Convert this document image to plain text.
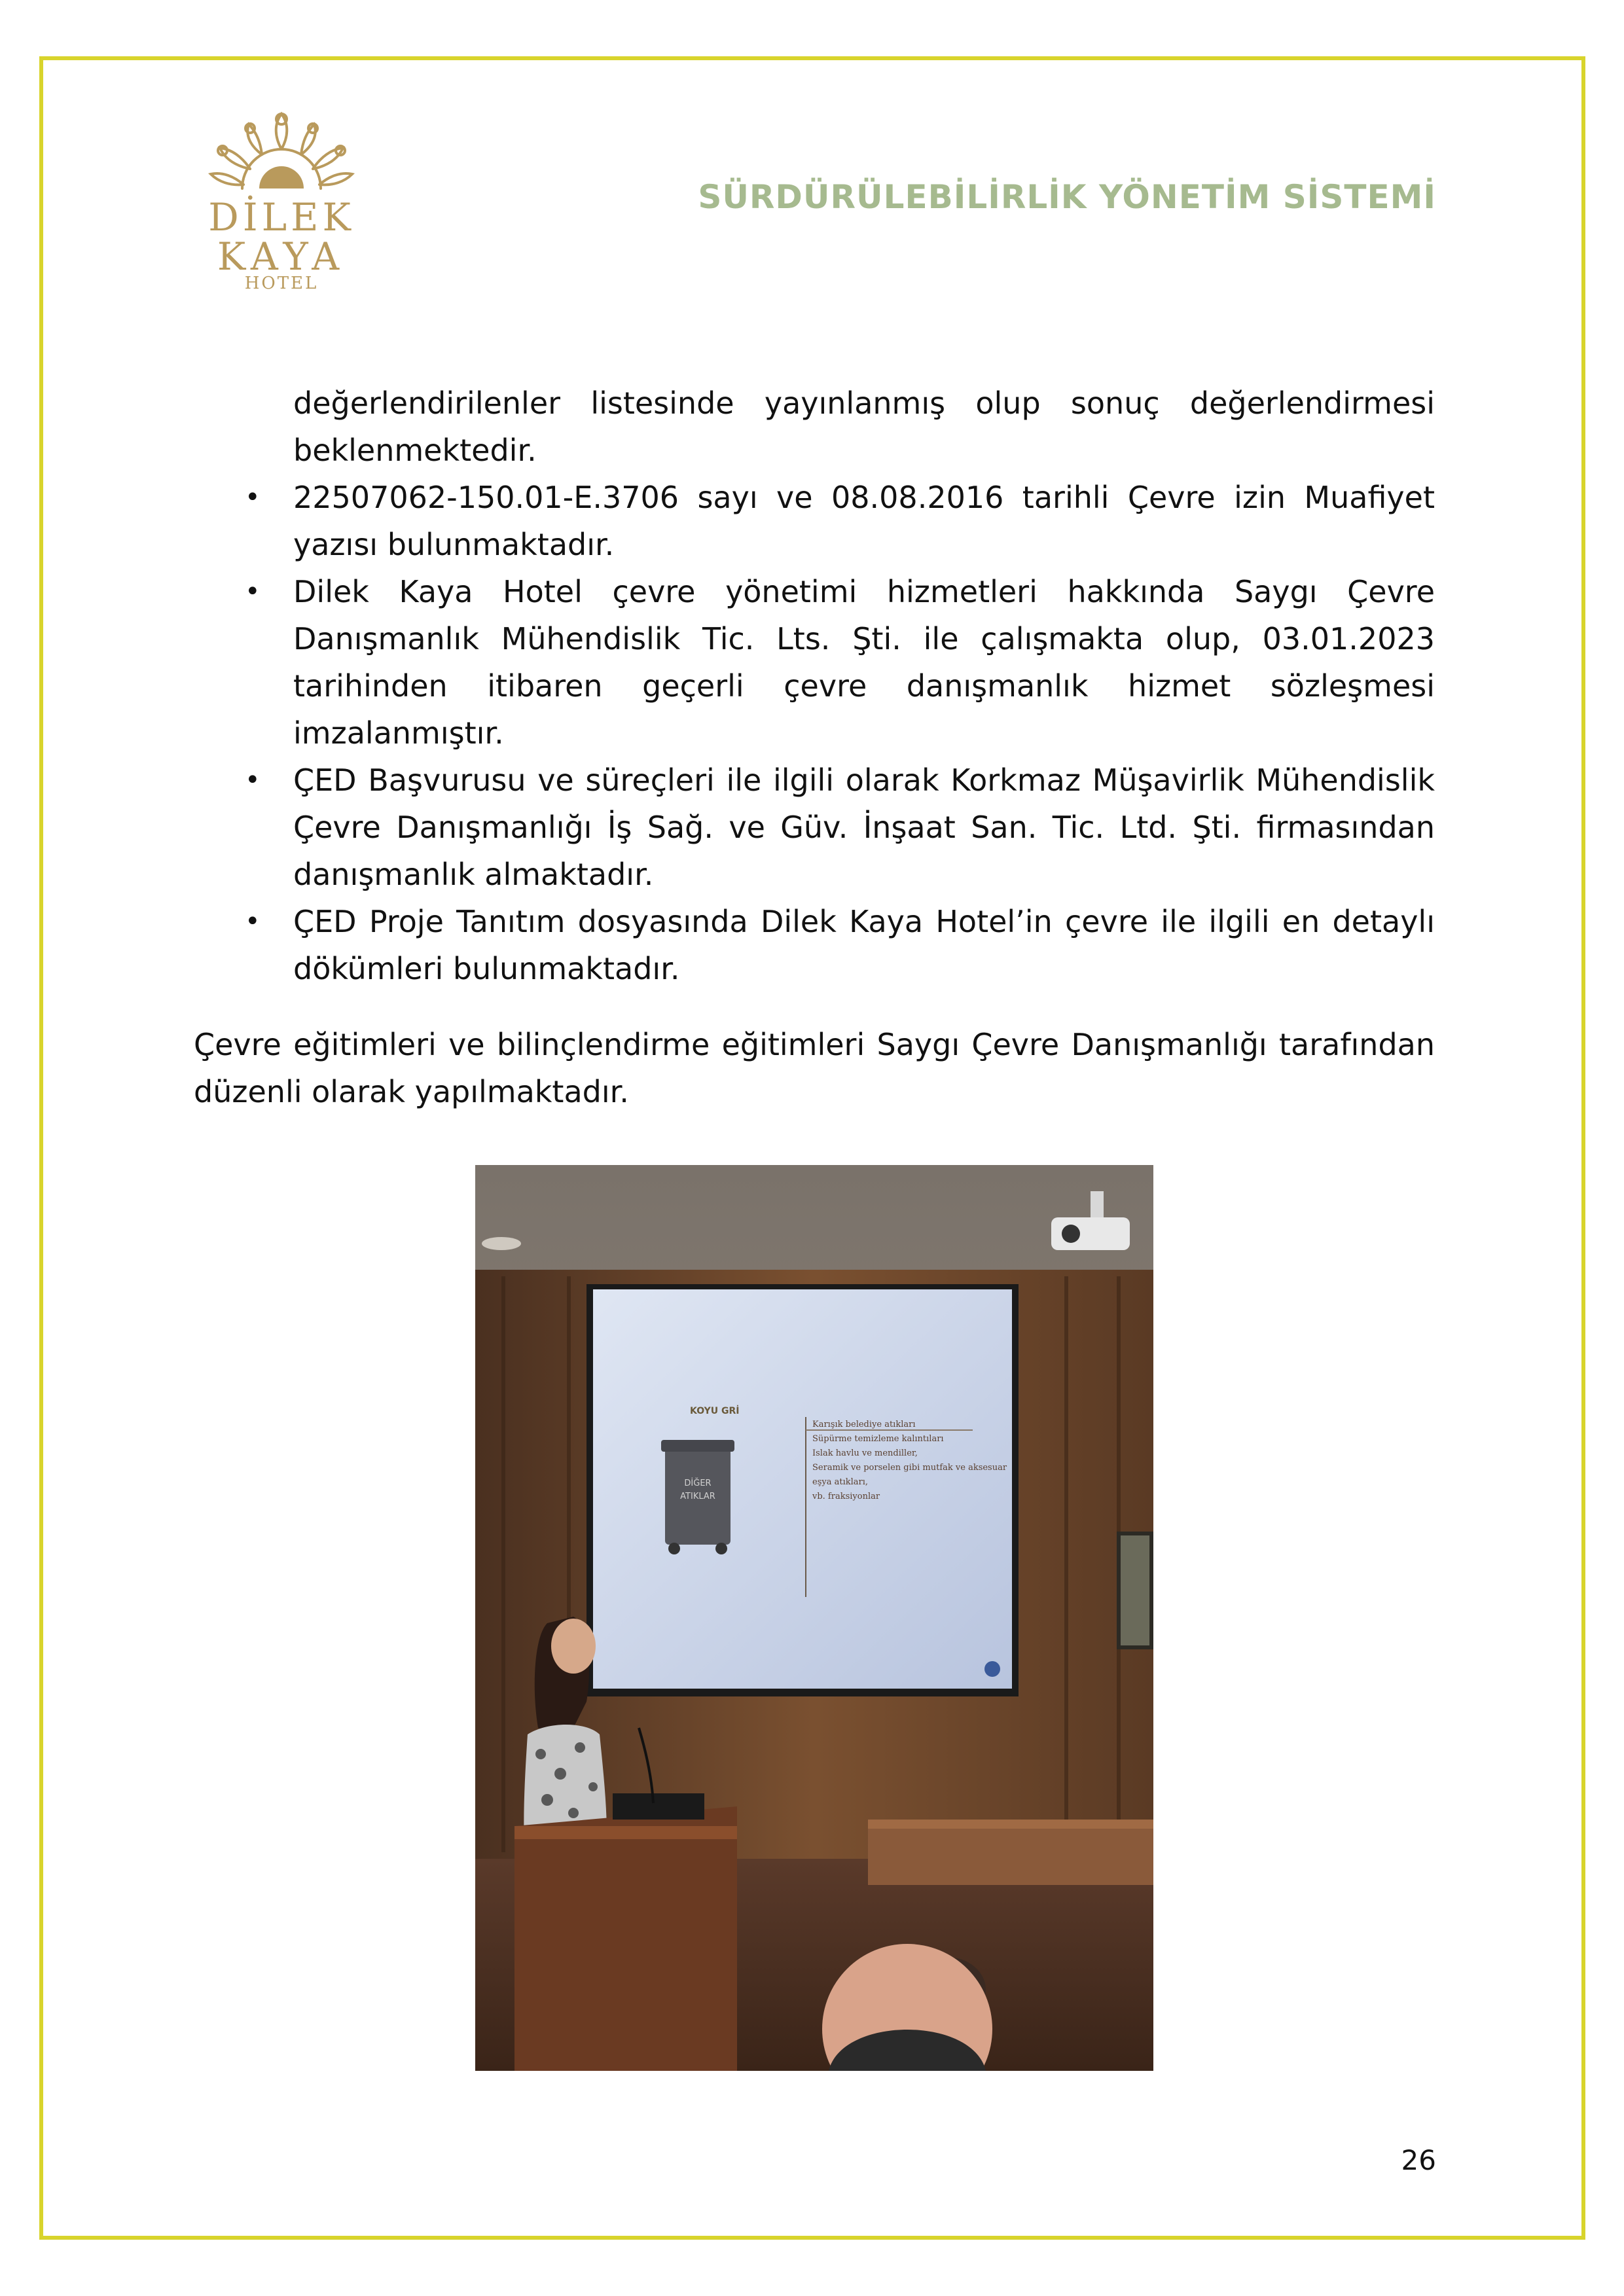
DİLEK
KAYA
HOTEL
SÜRDÜRÜLEBİLİRLİK YÖNETİM SİSTEMİ

değerlendirilenler listesinde yayınlanmış olup sonuç değerlendirmesi beklenmektedir.

• 22507062-150.01-E.3706 sayı ve 08.08.2016 tarihli Çevre izin Muafiyet yazısı bulunmaktadır.
• Dilek Kaya Hotel çevre yönetimi hizmetleri hakkında Saygı Çevre Danışmanlık Mühendislik Tic. Lts. Şti. ile çalışmakta olup, 03.01.2023 tarihinden itibaren geçerli çevre danışmanlık hizmet sözleşmesi imzalanmıştır.
• ÇED Başvurusu ve süreçleri ile ilgili olarak Korkmaz Müşavirlik Mühendislik Çevre Danışmanlığı İş Sağ. ve Güv. İnşaat San. Tic. Ltd. Şti. firmasından danışmanlık almaktadır.
• ÇED Proje Tanıtım dosyasında Dilek Kaya Hotel’in çevre ile ilgili en detaylı dökümleri bulunmaktadır.

Çevre eğitimleri ve bilinçlendirme eğitimleri Saygı Çevre Danışmanlığı tarafından düzenli olarak yapılmaktadır.

KOYU GRİ
DİĞER
ATIKLAR
Karışık belediye atıkları
Süpürme temizleme kalıntıları
Islak havlu ve mendiller,
Seramik ve porselen gibi mutfak ve aksesuar
eşya atıkları,
vb. fraksiyonlar
26
